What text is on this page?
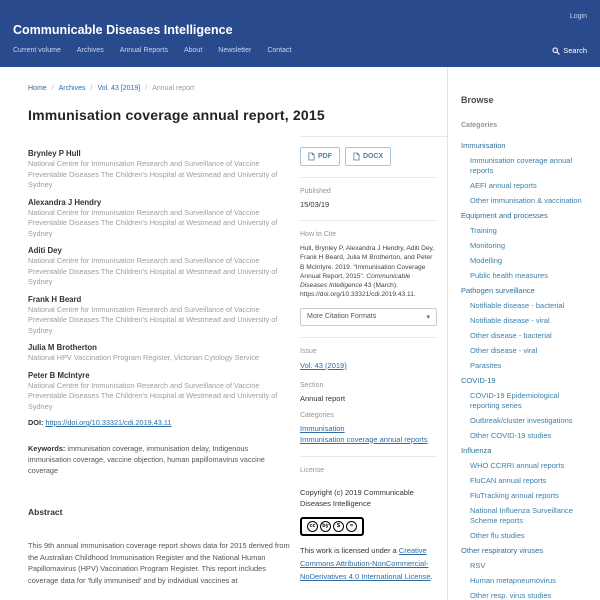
Login
Communicable Diseases Intelligence
Current volume Archives Annual Reports About Newsletter Contact	Search
Home / Archives / Vol. 43 [2019] / Annual report
Immunisation coverage annual report, 2015
Brynley P Hull

National Centre for Immunisation Research and Surveillance of Vaccine Preventable Diseases The Children's Hospital at Westmead and University of Sydney

Alexandra J Hendry

National Centre for Immunisation Research and Surveillance of Vaccine Preventable Diseases The Children's Hospital at Westmead and University of Sydney

Aditi Dey

National Centre for Immunisation Research and Surveillance of Vaccine Preventable Diseases The Children's Hospital at Westmead and University of Sydney

Frank H Beard

National Centre for Immunisation Research and Surveillance of Vaccine Preventable Diseases The Children's Hospital at Westmead and University of Sydney

Julia M Brotherton

National HPV Vaccination Program Register, Victorian Cytology Service

Peter B McIntyre

National Centre for Immunisation Research and Surveillance of Vaccine Preventable Diseases The Children's Hospital at Westmead and University of Sydney

DOI: https://doi.org/10.33321/cdi.2019.43.11

Keywords: immunisation coverage, immunisation delay, Indigenous immunisation coverage, vaccine objection, human papillomavirus vaccine coverage

Abstract

This 9th annual immunisation coverage report shows data for 2015 derived from the Australian Childhood Immunisation Register and the National Human Papillomavirus (HPV) Vaccination Program Register. This report includes coverage data for 'fully immunised' and by individual vaccines at

PDF	DOCX

Published

15/03/19

How to Cite

Hull, Brynley P, Alexandra J Hendry, Aditi Dey, Frank H Beard, Julia M Brotherton, and Peter B McIntyre. 2019. “Immunisation Coverage Annual Report, 2015”. Communicable Diseases Intelligence 43 (March). https://doi.org/10.33321/cdi.2019.43.11.

More Citation Formats	▾

Issue

Vol. 43 (2019)

Section

Annual report

Categories

Immunisation
Immunisation coverage annual reports

License

Copyright (c) 2019 Communicable Diseases Intelligence

cc	by	$	=

This work is licensed under a Creative Commons Attribution-NonCommercial-NoDerivatives 4.0 International License.

Browse

Categories

Immunisation
Immunisation coverage annual reports
AEFI annual reports
Other immunisation & vaccination
Equipment and processes
Training
Monitoring
Modelling
Public health measures
Pathogen surveillance
Notifiable disease - bacterial
Notifiable disease - viral
Other disease - bacterial
Other disease - viral
Parasites
COVID-19
COVID-19 Epidemiological reporting series
Outbreak/cluster investigations
Other COVID-19 studies
Influenza
WHO CCRRI annual reports
FluCAN annual reports
FluTracking annual reports
National Influenza Surveillance Scheme reports
Other flu studies
Other respiratory viruses
RSV
Human metapneumovirus
Other resp. virus studies
